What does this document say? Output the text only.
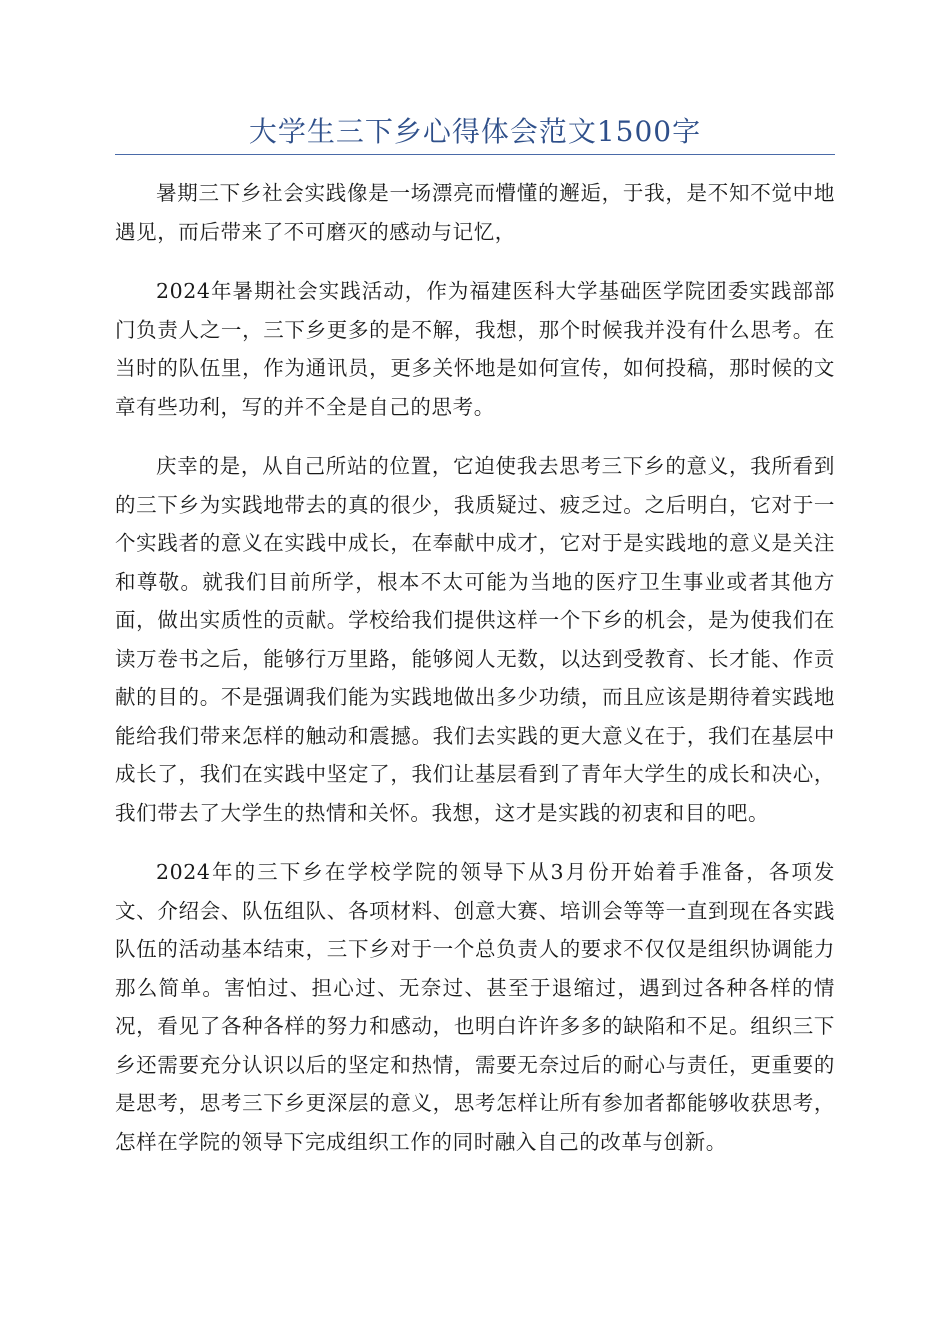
大学生三下乡心得体会范文1500字

暑期三下乡社会实践像是一场漂亮而懵懂的邂逅，于我，是不知不觉中地遇见，而后带来了不可磨灭的感动与记忆，

2024年暑期社会实践活动，作为福建医科大学基础医学院团委实践部部门负责人之一，三下乡更多的是不解，我想，那个时候我并没有什么思考。在当时的队伍里，作为通讯员，更多关怀地是如何宣传，如何投稿，那时候的文章有些功利，写的并不全是自己的思考。

庆幸的是，从自己所站的位置，它迫使我去思考三下乡的意义，我所看到的三下乡为实践地带去的真的很少，我质疑过、疲乏过。之后明白，它对于一个实践者的意义在实践中成长，在奉献中成才，它对于是实践地的意义是关注和尊敬。就我们目前所学，根本不太可能为当地的医疗卫生事业或者其他方面，做出实质性的贡献。学校给我们提供这样一个下乡的机会，是为使我们在读万卷书之后，能够行万里路，能够阅人无数，以达到受教育、长才能、作贡献的目的。不是强调我们能为实践地做出多少功绩，而且应该是期待着实践地能给我们带来怎样的触动和震撼。我们去实践的更大意义在于，我们在基层中成长了，我们在实践中坚定了，我们让基层看到了青年大学生的成长和决心，我们带去了大学生的热情和关怀。我想，这才是实践的初衷和目的吧。

2024年的三下乡在学校学院的领导下从3月份开始着手准备，各项发文、介绍会、队伍组队、各项材料、创意大赛、培训会等等一直到现在各实践队伍的活动基本结束，三下乡对于一个总负责人的要求不仅仅是组织协调能力那么简单。害怕过、担心过、无奈过、甚至于退缩过，遇到过各种各样的情况，看见了各种各样的努力和感动，也明白许许多多的缺陷和不足。组织三下乡还需要充分认识以后的坚定和热情，需要无奈过后的耐心与责任，更重要的是思考，思考三下乡更深层的意义，思考怎样让所有参加者都能够收获思考，怎样在学院的领导下完成组织工作的同时融入自己的改革与创新。
